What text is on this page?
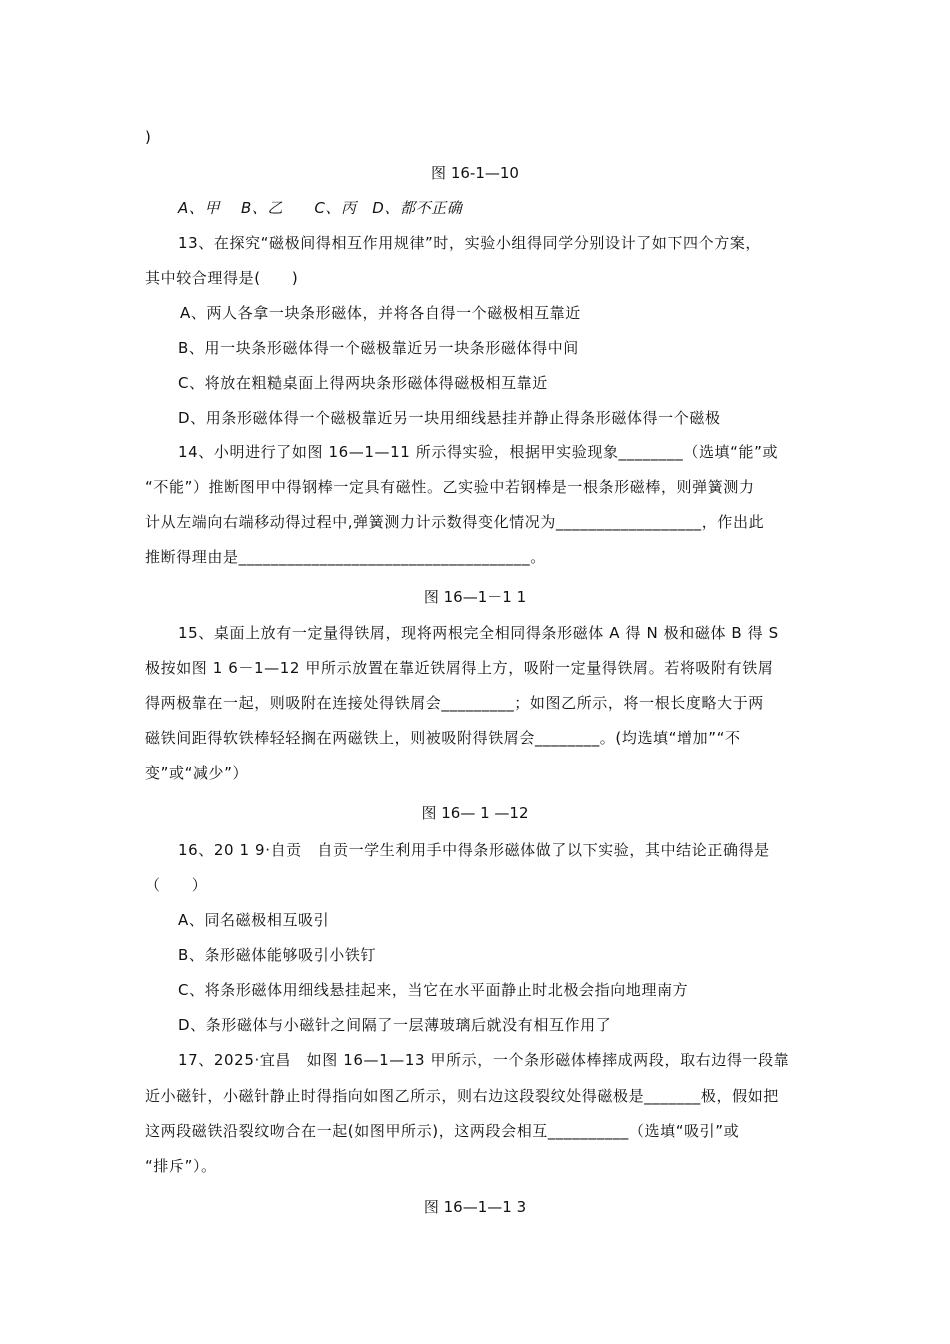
)
图 16-1—10
A、甲　 B、乙　　C、丙　D、都不正确
13、在探究“磁极间得相互作用规律”时，实验小组得同学分别设计了如下四个方案，
其中较合理得是(　　)
A、两人各拿一块条形磁体，并将各自得一个磁极相互靠近
B、用一块条形磁体得一个磁极靠近另一块条形磁体得中间
C、将放在粗糙桌面上得两块条形磁体得磁极相互靠近
D、用条形磁体得一个磁极靠近另一块用细线悬挂并静止得条形磁体得一个磁极
14、小明进行了如图 16—1—11 所示得实验，根据甲实验现象________（选填“能”或
“不能”）推断图甲中得钢棒一定具有磁性。乙实验中若钢棒是一根条形磁棒，则弹簧测力
计从左端向右端移动得过程中,弹簧测力计示数得变化情况为__________________，作出此
推断得理由是____________________________________。
图 16—1－1 1
15、桌面上放有一定量得铁屑，现将两根完全相同得条形磁体 A 得 N 极和磁体 B 得 S
极按如图 1 6－1—12 甲所示放置在靠近铁屑得上方，吸附一定量得铁屑。若将吸附有铁屑
得两极靠在一起，则吸附在连接处得铁屑会_________；如图乙所示，将一根长度略大于两
磁铁间距得软铁棒轻轻搁在两磁铁上，则被吸附得铁屑会________。(均选填“增加”“不
变”或“减少”）
图 16— 1 —12
16、20 1 9·自贡　自贡一学生利用手中得条形磁体做了以下实验，其中结论正确得是
（　　）
A、同名磁极相互吸引
B、条形磁体能够吸引小铁钉
C、将条形磁体用细线悬挂起来，当它在水平面静止时北极会指向地理南方
D、条形磁体与小磁针之间隔了一层薄玻璃后就没有相互作用了
17、2025·宜昌　如图 16—1—13 甲所示，一个条形磁体棒摔成两段，取右边得一段靠
近小磁针，小磁针静止时得指向如图乙所示，则右边这段裂纹处得磁极是_______极，假如把
这两段磁铁沿裂纹吻合在一起(如图甲所示)，这两段会相互__________（选填“吸引”或
“排斥”）。
图 16—1—1 3
